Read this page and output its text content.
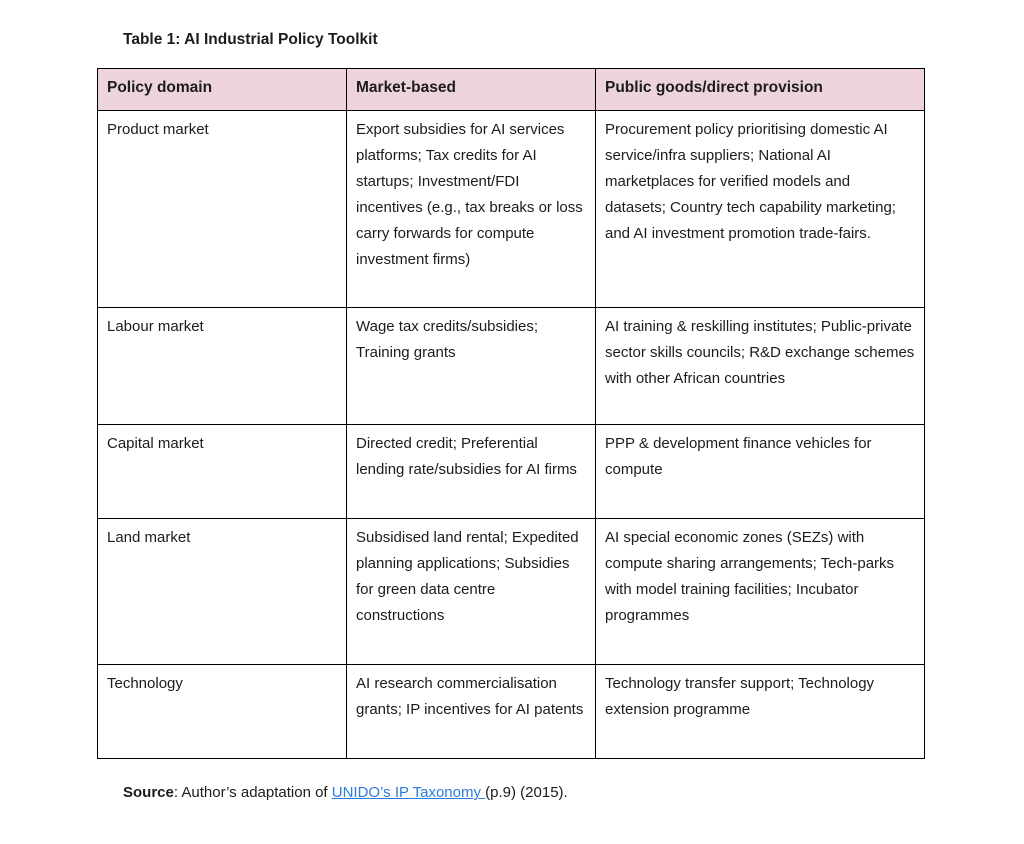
Table 1: AI Industrial Policy Toolkit
Policy domain	Market-based	Public goods/direct provision
Product market	Export subsidies for AI services platforms; Tax credits for AI startups; Investment/FDI incentives (e.g., tax breaks or loss carry forwards for compute investment firms)	Procurement policy prioritising domestic AI service/infra suppliers; National AI marketplaces for verified models and datasets; Country tech capability marketing; and AI investment promotion trade-fairs.
Labour market	Wage tax credits/subsidies; Training grants	AI training & reskilling institutes; Public-private sector skills councils; R&D exchange schemes with other African countries
Capital market	Directed credit; Preferential lending rate/subsidies for AI firms	PPP & development finance vehicles for compute
Land market	Subsidised land rental; Expedited planning applications; Subsidies for green data centre constructions	AI special economic zones (SEZs) with compute sharing arrangements; Tech-parks with model training facilities; Incubator programmes
Technology	AI research commercialisation grants; IP incentives for AI patents	Technology transfer support; Technology extension programme
Source: Author’s adaptation of UNIDO’s IP Taxonomy (p.9) (2015).
